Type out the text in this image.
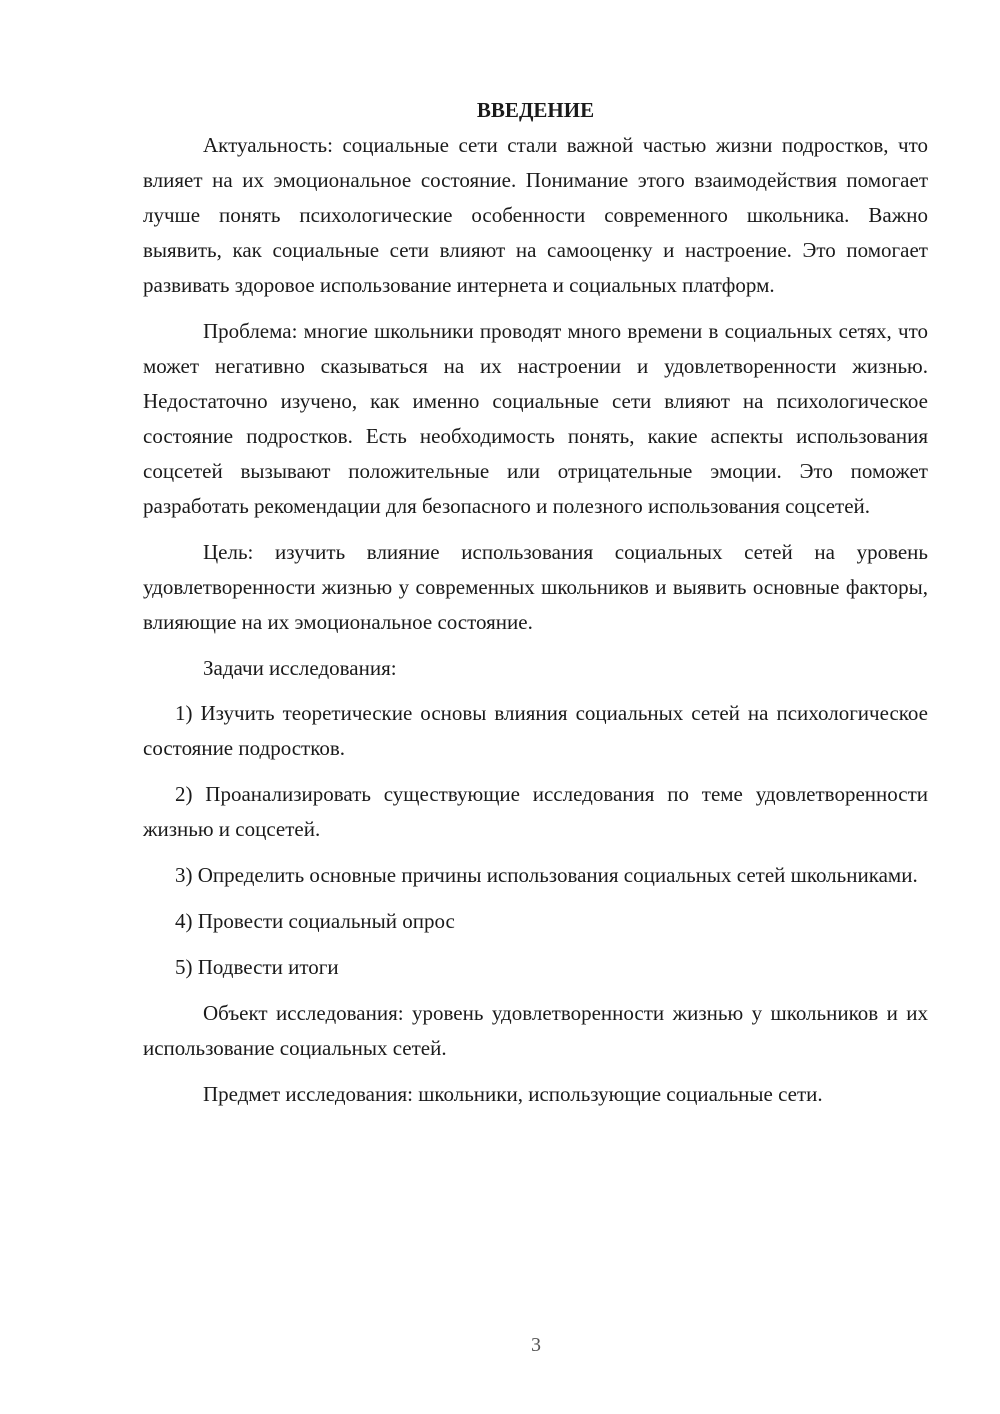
ВВЕДЕНИЕ

Актуальность: социальные сети стали важной частью жизни подростков, что влияет на их эмоциональное состояние. Понимание этого взаимодействия помогает лучше понять психологические особенности современного школьника. Важно выявить, как социальные сети влияют на самооценку и настроение. Это помогает развивать здоровое использование интернета и социальных платформ.

Проблема: многие школьники проводят много времени в социальных сетях, что может негативно сказываться на их настроении и удовлетворенности жизнью. Недостаточно изучено, как именно социальные сети влияют на психологическое состояние подростков. Есть необходимость понять, какие аспекты использования соцсетей вызывают положительные или отрицательные эмоции. Это поможет разработать рекомендации для безопасного и полезного использования соцсетей.

Цель: изучить влияние использования социальных сетей на уровень удовлетворенности жизнью у современных школьников и выявить основные факторы, влияющие на их эмоциональное состояние.

Задачи исследования:

1) Изучить теоретические основы влияния социальных сетей на психологическое состояние подростков.

2) Проанализировать существующие исследования по теме удовлетворенности жизнью и соцсетей.

3) Определить основные причины использования социальных сетей школьниками.

4) Провести социальный опрос

5) Подвести итоги

Объект исследования: уровень удовлетворенности жизнью у школьников и их использование социальных сетей.

Предмет исследования: школьники, использующие социальные сети.

3
